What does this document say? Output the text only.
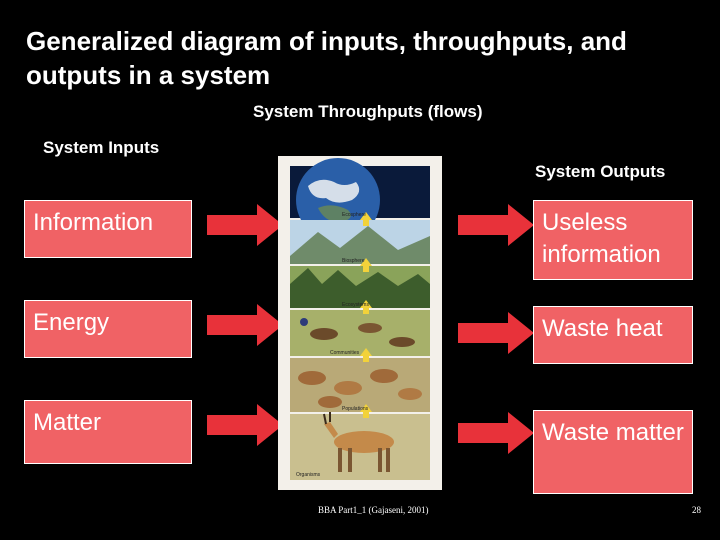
Generalized diagram of inputs, throughputs, and outputs in a system
System Throughputs (flows)
System Inputs
System Outputs
Information
Energy
Matter
Ecosphere
Biosphere
Ecosystems
Communities
Populations
Organisms
Useless information
Waste heat
Waste matter
BBA Part1_1 (Gajaseni, 2001)	28
